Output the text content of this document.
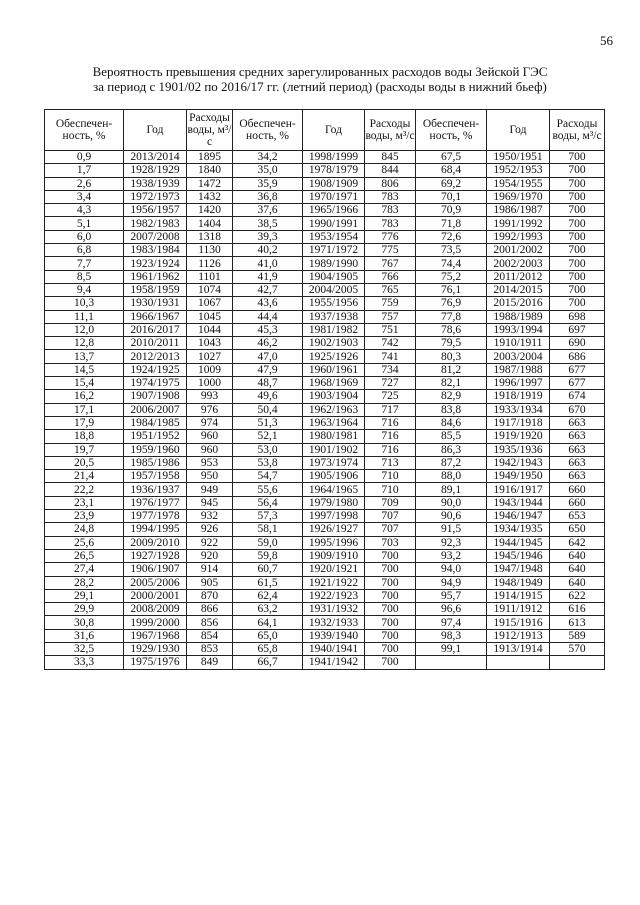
56
Вероятность превышения средних зарегулированных расходов воды Зейской ГЭС
за период с 1901/02 по 2016/17 гг. (летний период) (расходы воды в нижний бьеф)
Обеспечен-ность, %	Год	Расходы воды, м³/с	Обеспечен-ность, %	Год	Расходы воды, м³/с	Обеспечен-ность, %	Год	Расходы воды, м³/с
0,9	2013/2014	1895	34,2	1998/1999	845	67,5	1950/1951	700
1,7	1928/1929	1840	35,0	1978/1979	844	68,4	1952/1953	700
2,6	1938/1939	1472	35,9	1908/1909	806	69,2	1954/1955	700
3,4	1972/1973	1432	36,8	1970/1971	783	70,1	1969/1970	700
4,3	1956/1957	1420	37,6	1965/1966	783	70,9	1986/1987	700
5,1	1982/1983	1404	38,5	1990/1991	783	71,8	1991/1992	700
6,0	2007/2008	1318	39,3	1953/1954	776	72,6	1992/1993	700
6,8	1983/1984	1130	40,2	1971/1972	775	73,5	2001/2002	700
7,7	1923/1924	1126	41,0	1989/1990	767	74,4	2002/2003	700
8,5	1961/1962	1101	41,9	1904/1905	766	75,2	2011/2012	700
9,4	1958/1959	1074	42,7	2004/2005	765	76,1	2014/2015	700
10,3	1930/1931	1067	43,6	1955/1956	759	76,9	2015/2016	700
11,1	1966/1967	1045	44,4	1937/1938	757	77,8	1988/1989	698
12,0	2016/2017	1044	45,3	1981/1982	751	78,6	1993/1994	697
12,8	2010/2011	1043	46,2	1902/1903	742	79,5	1910/1911	690
13,7	2012/2013	1027	47,0	1925/1926	741	80,3	2003/2004	686
14,5	1924/1925	1009	47,9	1960/1961	734	81,2	1987/1988	677
15,4	1974/1975	1000	48,7	1968/1969	727	82,1	1996/1997	677
16,2	1907/1908	993	49,6	1903/1904	725	82,9	1918/1919	674
17,1	2006/2007	976	50,4	1962/1963	717	83,8	1933/1934	670
17,9	1984/1985	974	51,3	1963/1964	716	84,6	1917/1918	663
18,8	1951/1952	960	52,1	1980/1981	716	85,5	1919/1920	663
19,7	1959/1960	960	53,0	1901/1902	716	86,3	1935/1936	663
20,5	1985/1986	953	53,8	1973/1974	713	87,2	1942/1943	663
21,4	1957/1958	950	54,7	1905/1906	710	88,0	1949/1950	663
22,2	1936/1937	949	55,6	1964/1965	710	89,1	1916/1917	660
23,1	1976/1977	945	56,4	1979/1980	709	90,0	1943/1944	660
23,9	1977/1978	932	57,3	1997/1998	707	90,6	1946/1947	653
24,8	1994/1995	926	58,1	1926/1927	707	91,5	1934/1935	650
25,6	2009/2010	922	59,0	1995/1996	703	92,3	1944/1945	642
26,5	1927/1928	920	59,8	1909/1910	700	93,2	1945/1946	640
27,4	1906/1907	914	60,7	1920/1921	700	94,0	1947/1948	640
28,2	2005/2006	905	61,5	1921/1922	700	94,9	1948/1949	640
29,1	2000/2001	870	62,4	1922/1923	700	95,7	1914/1915	622
29,9	2008/2009	866	63,2	1931/1932	700	96,6	1911/1912	616
30,8	1999/2000	856	64,1	1932/1933	700	97,4	1915/1916	613
31,6	1967/1968	854	65,0	1939/1940	700	98,3	1912/1913	589
32,5	1929/1930	853	65,8	1940/1941	700	99,1	1913/1914	570
33,3	1975/1976	849	66,7	1941/1942	700			
